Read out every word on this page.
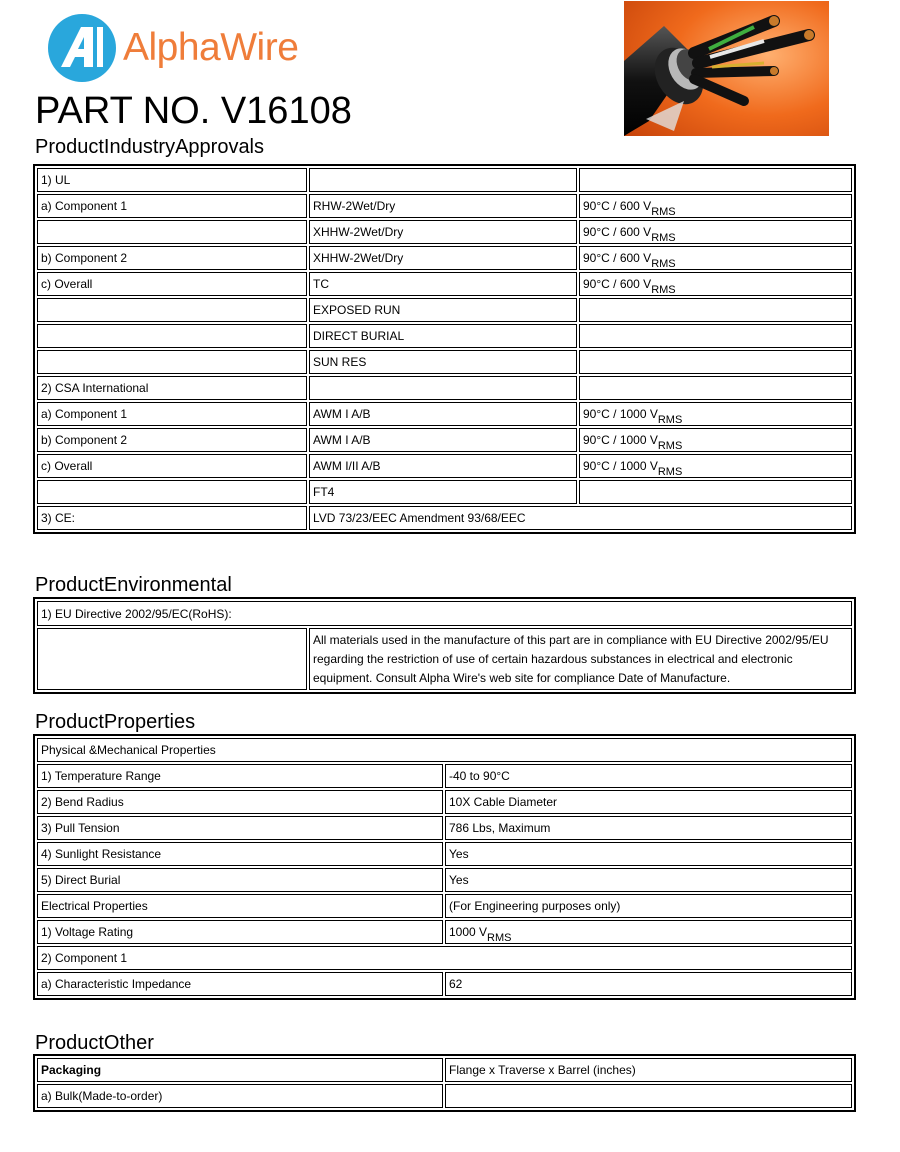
AlphaWire
PART NO. V16108
ProductIndustryApprovals
1) UL		
a) Component 1	RHW-2Wet/Dry	90°C / 600 VRMS
	XHHW-2Wet/Dry	90°C / 600 VRMS
b) Component 2	XHHW-2Wet/Dry	90°C / 600 VRMS
c) Overall	TC	90°C / 600 VRMS
	EXPOSED RUN	
	DIRECT BURIAL	
	SUN RES	
2) CSA International		
a) Component 1	AWM I A/B	90°C / 1000 VRMS
b) Component 2	AWM I A/B	90°C / 1000 VRMS
c) Overall	AWM I/II A/B	90°C / 1000 VRMS
	FT4	
3) CE:	LVD 73/23/EEC Amendment 93/68/EEC	
ProductEnvironmental
1) EU Directive 2002/95/EC(RoHS):
	All materials used in the manufacture of this part are in compliance with EU Directive 2002/95/EU regarding the restriction of use of certain hazardous substances in electrical and electronic equipment. Consult Alpha Wire's web site for compliance Date of Manufacture.
ProductProperties
Physical &Mechanical Properties	
1) Temperature Range	-40 to 90°C
2) Bend Radius	10X Cable Diameter
3) Pull Tension	786 Lbs, Maximum
4) Sunlight Resistance	Yes
5) Direct Burial	Yes
Electrical Properties	(For Engineering purposes only)
1) Voltage Rating	1000 VRMS
2) Component 1	
a) Characteristic Impedance	62
ProductOther
Packaging	Flange x Traverse x Barrel (inches)
a) Bulk(Made-to-order)	
